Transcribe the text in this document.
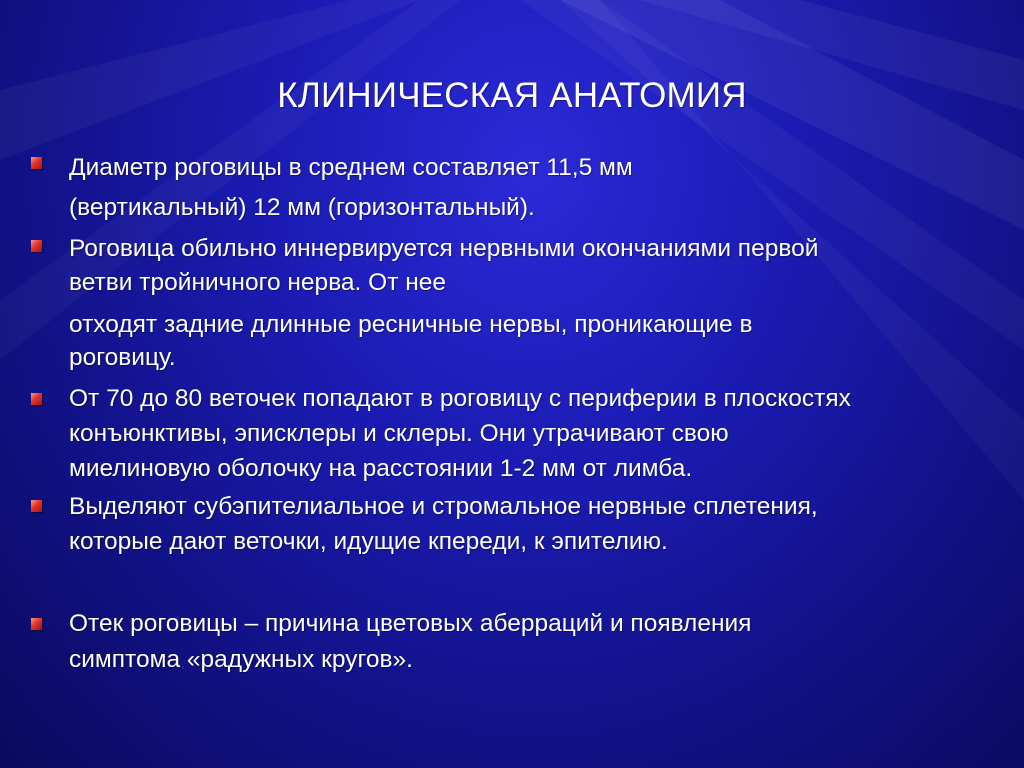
КЛИНИЧЕСКАЯ АНАТОМИЯ
Диаметр роговицы в среднем составляет 11,5 мм
(вертикальный) 12 мм (горизонтальный).
Роговица обильно иннервируется нервными окончаниями первой
ветви тройничного нерва. От нее
отходят задние длинные ресничные нервы, проникающие в
роговицу.
От 70 до 80 веточек попадают в роговицу с периферии в плоскостях
конъюнктивы, эписклеры и склеры. Они утрачивают свою
миелиновую оболочку на расстоянии 1-2 мм от лимба.
Выделяют субэпителиальное и стромальное нервные сплетения,
которые дают веточки, идущие кпереди, к эпителию.
Отек роговицы – причина цветовых аберраций и появления
симптома «радужных кругов».
